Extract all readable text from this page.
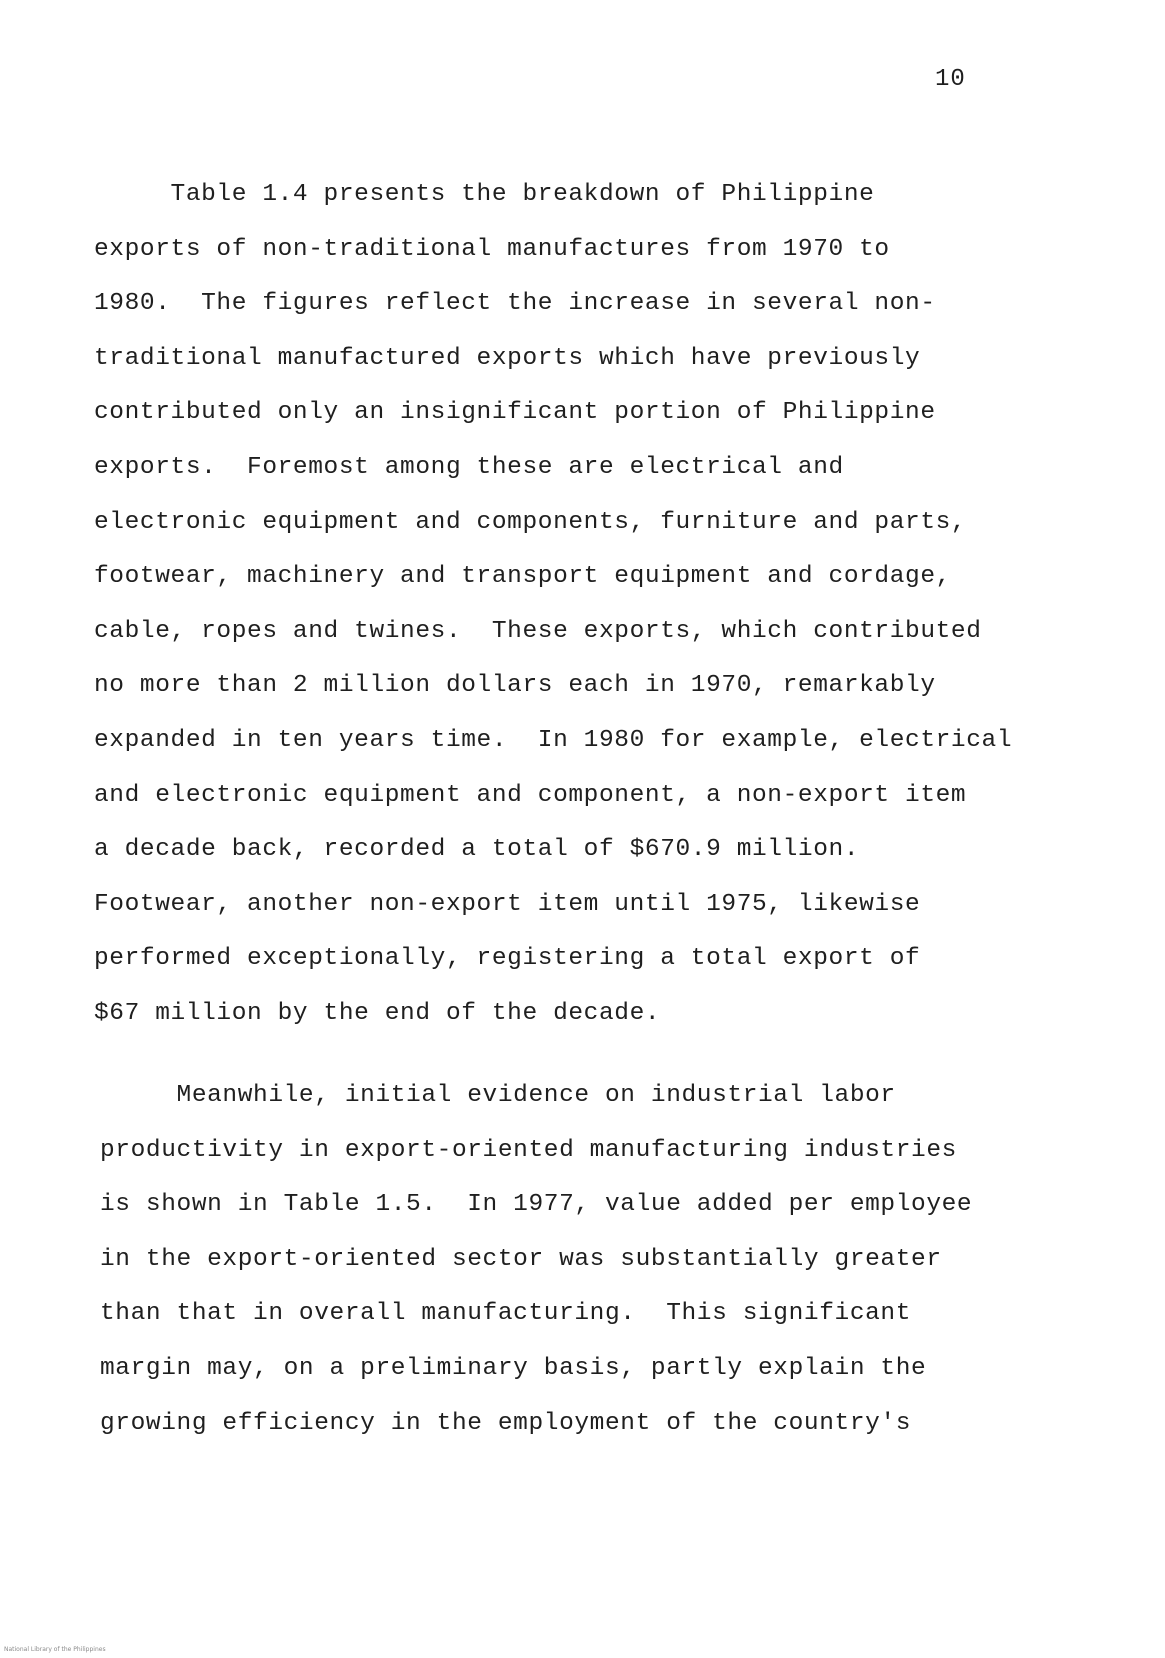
10
Table 1.4 presents the breakdown of Philippine
exports of non-traditional manufactures from 1970 to
1980.  The figures reflect the increase in several non-
traditional manufactured exports which have previously
contributed only an insignificant portion of Philippine
exports.  Foremost among these are electrical and
electronic equipment and components, furniture and parts,
footwear, machinery and transport equipment and cordage,
cable, ropes and twines.  These exports, which contributed
no more than 2 million dollars each in 1970, remarkably
expanded in ten years time.  In 1980 for example, electrical
and electronic equipment and component, a non-export item
a decade back, recorded a total of $670.9 million.
Footwear, another non-export item until 1975, likewise
performed exceptionally, registering a total export of
$67 million by the end of the decade.
Meanwhile, initial evidence on industrial labor
productivity in export-oriented manufacturing industries
is shown in Table 1.5.  In 1977, value added per employee
in the export-oriented sector was substantially greater
than that in overall manufacturing.  This significant
margin may, on a preliminary basis, partly explain the
growing efficiency in the employment of the country's
National Library of the Philippines
